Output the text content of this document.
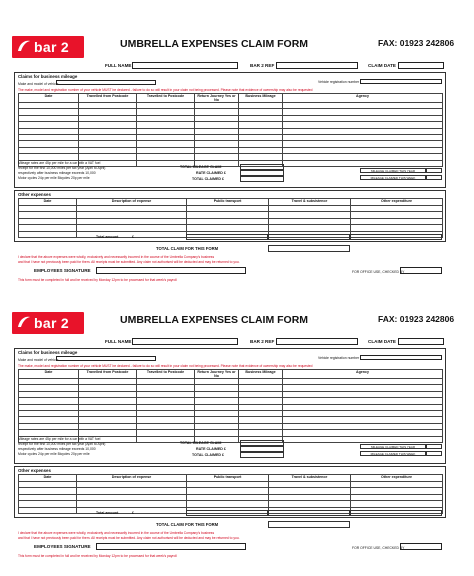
bar 2	UMBRELLA EXPENSES CLAIM FORM	FAX: 01923 242806
FULL NAME	BAR 2 REF	CLAIM DATE
Claims for business mileage
Make and model of vehicle	Vehicle registration number
The make, model and registration number of your vehicle MUST be declared - failure to do so will result in your claim not being processed. Please note that evidence of ownership may also be requested
Date	Travelled from Postcode	Travelled to Postcode	Return Journey Yes or No	Business Mileage	Agency

Mileage rates are 45p per mile for a car with a VAT fuel
receipt for the first 10,000 miles per tax year (April to April)
respectively after business mileage exceeds 10,000
Motor cycles 24p per mile Bicycles 20p per mile
TOTAL MILEAGE CLAIM
RATE CLAIMED £
TOTAL CLAIMED £
MILEAGE CLAIMED THIS YEAR
MILEAGE CLAIMED THIS WEEK
Other expenses
Date	Description of expense	Public transport	Travel & subsistence	Other expenditure

Total amount	£
TOTAL CLAIM FOR THIS FORM
I declare that the above expenses were wholly, exclusively and necessarily incurred in the course of the Umbrella Company's business
and that I have not previously been paid for them. All receipts must be submitted. Any claim not authorised will be deducted and may be returned to you.
EMPLOYEES SIGNATURE	FOR OFFICE USE, CHECKED BY
This form must be completed in full and be received by Monday 12pm to be processed for that week's payroll
bar 2	UMBRELLA EXPENSES CLAIM FORM	FAX: 01923 242806
FULL NAME	BAR 2 REF	CLAIM DATE
Claims for business mileage
Make and model of vehicle	Vehicle registration number
The make, model and registration number of your vehicle MUST be declared - failure to do so will result in your claim not being processed. Please note that evidence of ownership may also be requested
Date	Travelled from Postcode	Travelled to Postcode	Return Journey Yes or No	Business Mileage	Agency

Mileage rates are 45p per mile for a car with a VAT fuel
receipt for the first 10,000 miles per tax year (April to April)
respectively after business mileage exceeds 10,000
Motor cycles 24p per mile Bicycles 20p per mile
TOTAL MILEAGE CLAIM
RATE CLAIMED £
TOTAL CLAIMED £
MILEAGE CLAIMED THIS YEAR
MILEAGE CLAIMED THIS WEEK
Other expenses
Date	Description of expense	Public transport	Travel & subsistence	Other expenditure

Total amount	£
TOTAL CLAIM FOR THIS FORM
I declare that the above expenses were wholly, exclusively and necessarily incurred in the course of the Umbrella Company's business
and that I have not previously been paid for them. All receipts must be submitted. Any claim not authorised will be deducted and may be returned to you.
EMPLOYEES SIGNATURE	FOR OFFICE USE, CHECKED BY
This form must be completed in full and be received by Monday 12pm to be processed for that week's payroll
